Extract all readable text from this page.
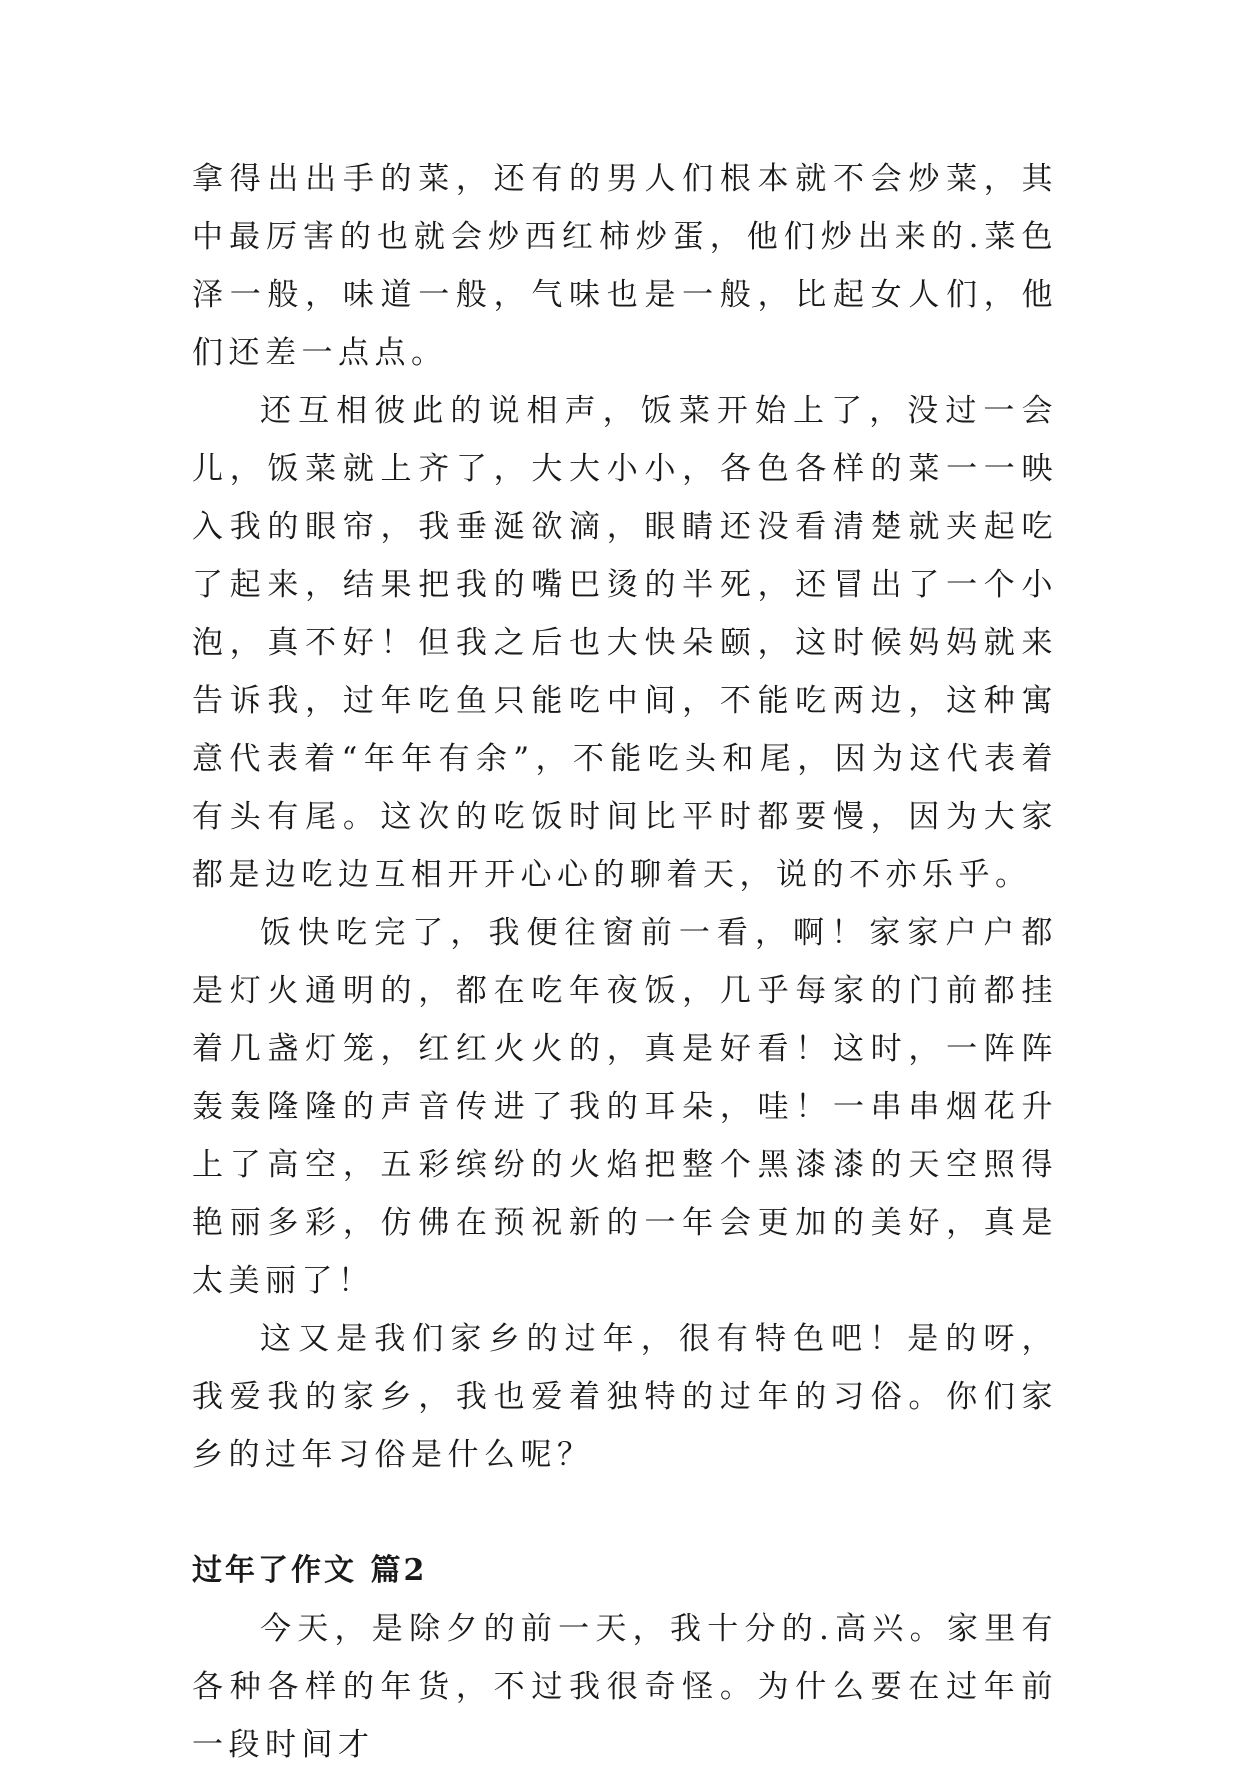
拿得出出手的菜，还有的男人们根本就不会炒菜，其中最厉害的也就会炒西红柿炒蛋，他们炒出来的.菜色泽一般，味道一般，气味也是一般，比起女人们，他们还差一点点。

还互相彼此的说相声，饭菜开始上了，没过一会儿，饭菜就上齐了，大大小小，各色各样的菜一一映入我的眼帘，我垂涎欲滴，眼睛还没看清楚就夹起吃了起来，结果把我的嘴巴烫的半死，还冒出了一个小泡，真不好！但我之后也大快朵颐，这时候妈妈就来告诉我，过年吃鱼只能吃中间，不能吃两边，这种寓意代表着“年年有余”，不能吃头和尾，因为这代表着有头有尾。这次的吃饭时间比平时都要慢，因为大家都是边吃边互相开开心心的聊着天，说的不亦乐乎。

饭快吃完了，我便往窗前一看，啊！家家户户都是灯火通明的，都在吃年夜饭，几乎每家的门前都挂着几盏灯笼，红红火火的，真是好看！这时，一阵阵轰轰隆隆的声音传进了我的耳朵，哇！一串串烟花升上了高空，五彩缤纷的火焰把整个黑漆漆的天空照得艳丽多彩，仿佛在预祝新的一年会更加的美好，真是太美丽了！

这又是我们家乡的过年，很有特色吧！是的呀，我爱我的家乡，我也爱着独特的过年的习俗。你们家乡的过年习俗是什么呢？

过年了作文 篇2

今天，是除夕的前一天，我十分的.高兴。家里有各种各样的年货，不过我很奇怪。为什么要在过年前一段时间才
